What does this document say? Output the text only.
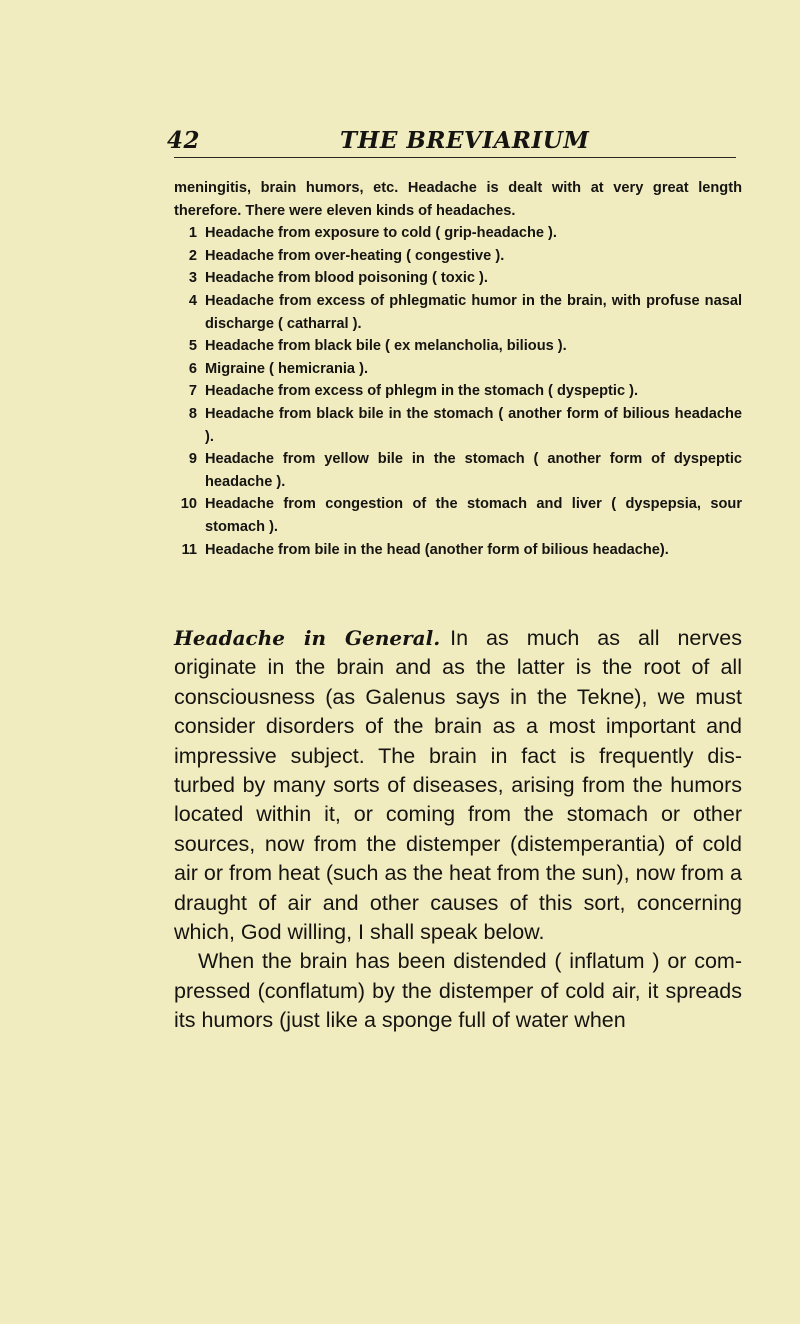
42	THE BREVIARIUM

meningitis, brain humors, etc. Headache is dealt with at very great length therefore. There were eleven kinds of headaches.

1 Headache from exposure to cold ( grip-headache ).
2 Headache from over-heating ( congestive ).
3 Headache from blood poisoning ( toxic ).
4 Headache from excess of phlegmatic humor in the brain, with profuse nasal discharge ( catharral ).
5 Headache from black bile ( ex melancholia, bilious ).
6 Migraine ( hemicrania ).
7 Headache from excess of phlegm in the stomach ( dyspeptic ).
8 Headache from black bile in the stomach ( another form of bilious headache ).
9 Headache from yellow bile in the stomach ( another form of dyspeptic headache ).
10 Headache from congestion of the stomach and liver ( dyspepsia, sour stomach ).
11 Headache from bile in the head (another form of bilious headache).

Headache in General. In as much as all nerves originate in the brain and as the latter is the root of all consciousness (as Galenus says in the Tekne), we must consider disorders of the brain as a most important and impressive subject. The brain in fact is frequently dis- turbed by many sorts of diseases, arising from the humors located within it, or coming from the stomach or other sources, now from the distemper (distemperantia) of cold air or from heat (such as the heat from the sun), now from a draught of air and other causes of this sort, concerning which, God willing, I shall speak below.

When the brain has been distended ( inflatum ) or com- pressed (conflatum) by the distemper of cold air, it spreads its humors (just like a sponge full of water when
